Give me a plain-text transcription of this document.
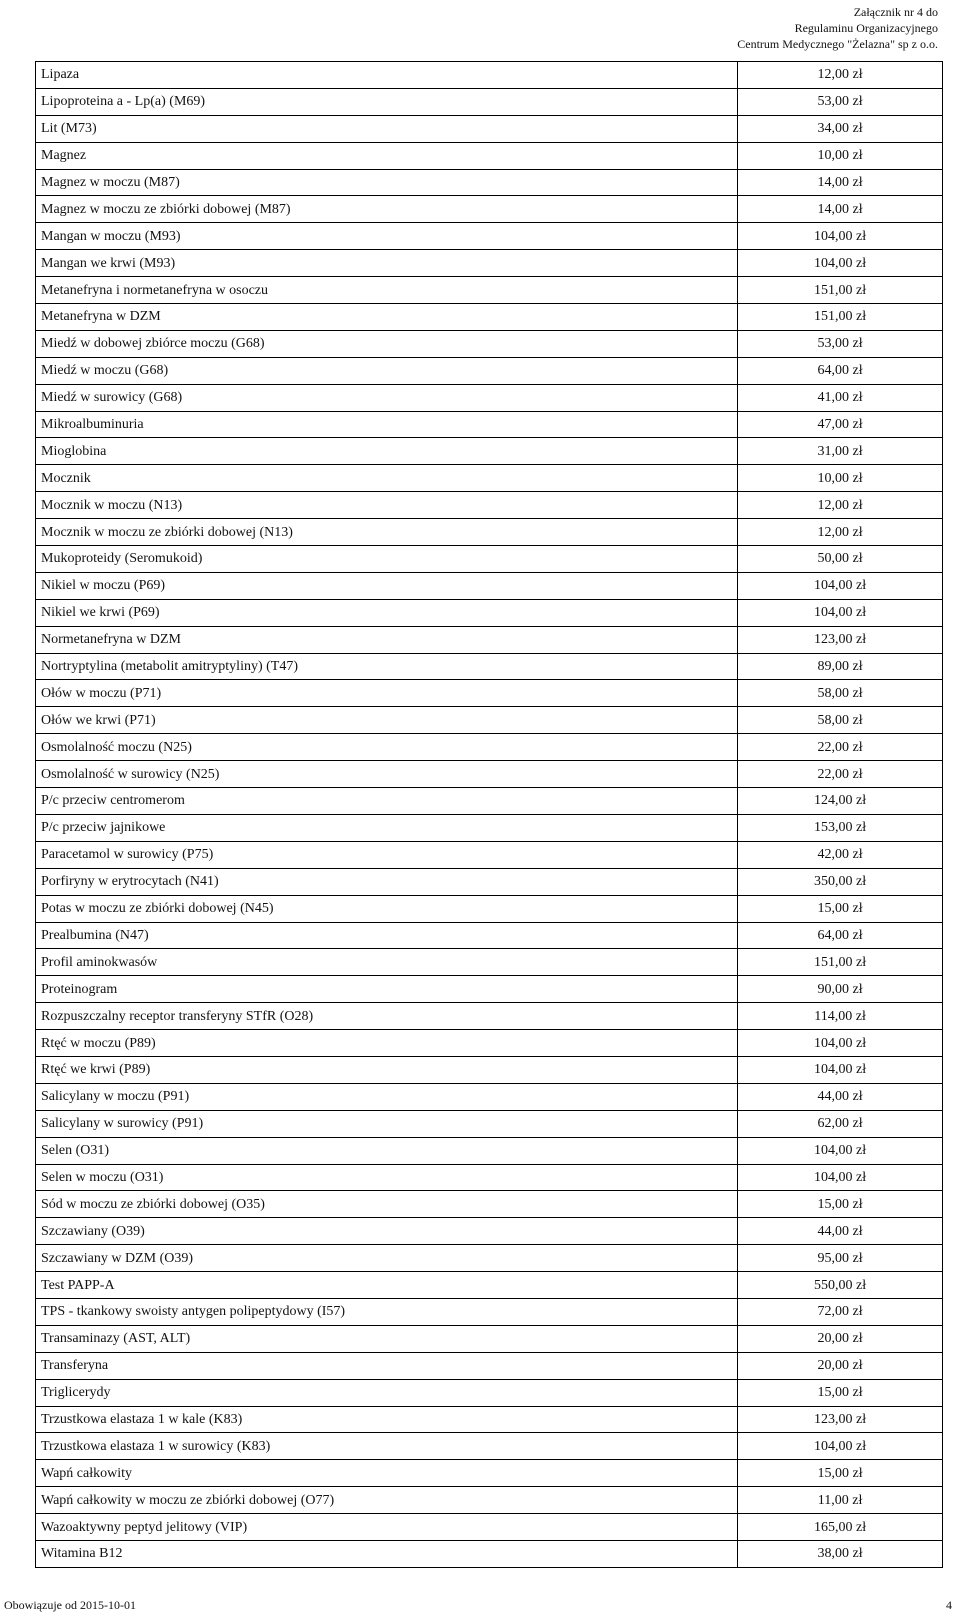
Załącznik nr 4 do
Regulaminu Organizacyjnego
Centrum Medycznego "Żelazna" sp z o.o.
Lipaza	12,00 zł
Lipoproteina a - Lp(a) (M69)	53,00 zł
Lit (M73)	34,00 zł
Magnez	10,00 zł
Magnez w moczu (M87)	14,00 zł
Magnez w moczu ze zbiórki dobowej (M87)	14,00 zł
Mangan w moczu (M93)	104,00 zł
Mangan we krwi (M93)	104,00 zł
Metanefryna i normetanefryna w osoczu	151,00 zł
Metanefryna w DZM	151,00 zł
Miedź w dobowej zbiórce moczu (G68)	53,00 zł
Miedź w moczu (G68)	64,00 zł
Miedź w surowicy (G68)	41,00 zł
Mikroalbuminuria	47,00 zł
Mioglobina	31,00 zł
Mocznik	10,00 zł
Mocznik w moczu (N13)	12,00 zł
Mocznik w moczu ze zbiórki dobowej (N13)	12,00 zł
Mukoproteidy (Seromukoid)	50,00 zł
Nikiel w moczu (P69)	104,00 zł
Nikiel we krwi (P69)	104,00 zł
Normetanefryna w DZM	123,00 zł
Nortryptylina (metabolit amitryptyliny) (T47)	89,00 zł
Ołów w moczu (P71)	58,00 zł
Ołów we krwi (P71)	58,00 zł
Osmolalność moczu (N25)	22,00 zł
Osmolalność w surowicy (N25)	22,00 zł
P/c przeciw centromerom	124,00 zł
P/c przeciw jajnikowe	153,00 zł
Paracetamol w surowicy (P75)	42,00 zł
Porfiryny w erytrocytach (N41)	350,00 zł
Potas w moczu ze zbiórki dobowej (N45)	15,00 zł
Prealbumina (N47)	64,00 zł
Profil aminokwasów	151,00 zł
Proteinogram	90,00 zł
Rozpuszczalny receptor transferyny STfR (O28)	114,00 zł
Rtęć w moczu (P89)	104,00 zł
Rtęć we krwi (P89)	104,00 zł
Salicylany w moczu (P91)	44,00 zł
Salicylany w surowicy (P91)	62,00 zł
Selen (O31)	104,00 zł
Selen w moczu (O31)	104,00 zł
Sód w moczu ze zbiórki dobowej (O35)	15,00 zł
Szczawiany (O39)	44,00 zł
Szczawiany w DZM (O39)	95,00 zł
Test PAPP-A	550,00 zł
TPS - tkankowy swoisty antygen polipeptydowy (I57)	72,00 zł
Transaminazy (AST, ALT)	20,00 zł
Transferyna	20,00 zł
Triglicerydy	15,00 zł
Trzustkowa elastaza 1 w kale (K83)	123,00 zł
Trzustkowa elastaza 1 w surowicy (K83)	104,00 zł
Wapń całkowity	15,00 zł
Wapń całkowity w moczu ze zbiórki dobowej (O77)	11,00 zł
Wazoaktywny peptyd jelitowy (VIP)	165,00 zł
Witamina B12	38,00 zł
Obowiązuje od 2015-10-01	4
